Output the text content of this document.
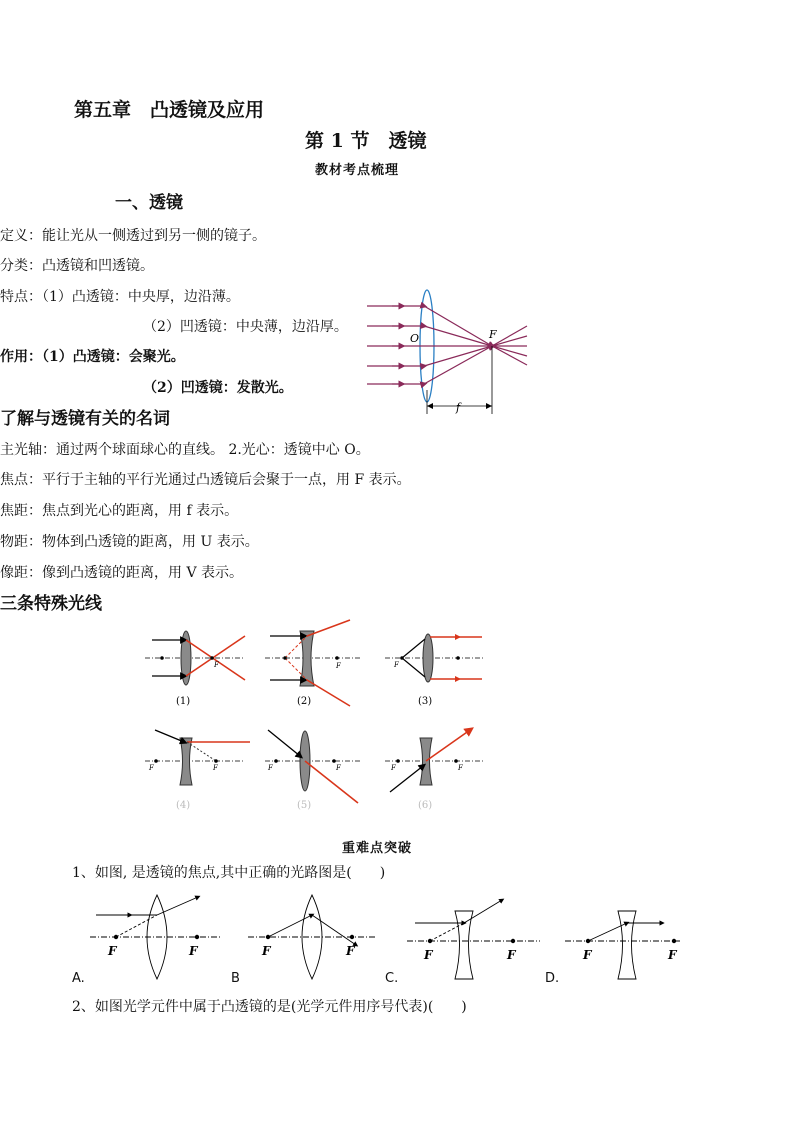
第五章　凸透镜及应用
第 1 节　透镜
教材考点梳理
一、透镜
定义：能让光从一侧透过到另一侧的镜子。
分类：凸透镜和凹透镜。
特点：（1）凸透镜：中央厚，边沿薄。
（2）凹透镜：中央薄，边沿厚。
作用：（1）凸透镜：会聚光。
（2）凹透镜：发散光。
O	F
f
了解与透镜有关的名词
主光轴：通过两个球面球心的直线。 2.光心：透镜中心 O。
焦点：平行于主轴的平行光通过凸透镜后会聚于一点，用 F 表示。
焦距：焦点到光心的距离，用 f 表示。
物距：物体到凸透镜的距离，用 U 表示。
像距：像到凸透镜的距离，用 V 表示。
三条特殊光线
F	F	F
F	F	F	F	F	F
(1)	(2)	(3)
(4)	(5)	(6)
重难点突破
1、如图, 是透镜的焦点,其中正确的光路图是(　　)
F	F	F	F	F	F	F	F
A.	B	C.	D.
2、如图光学元件中属于凸透镜的是(光学元件用序号代表)(　　)
